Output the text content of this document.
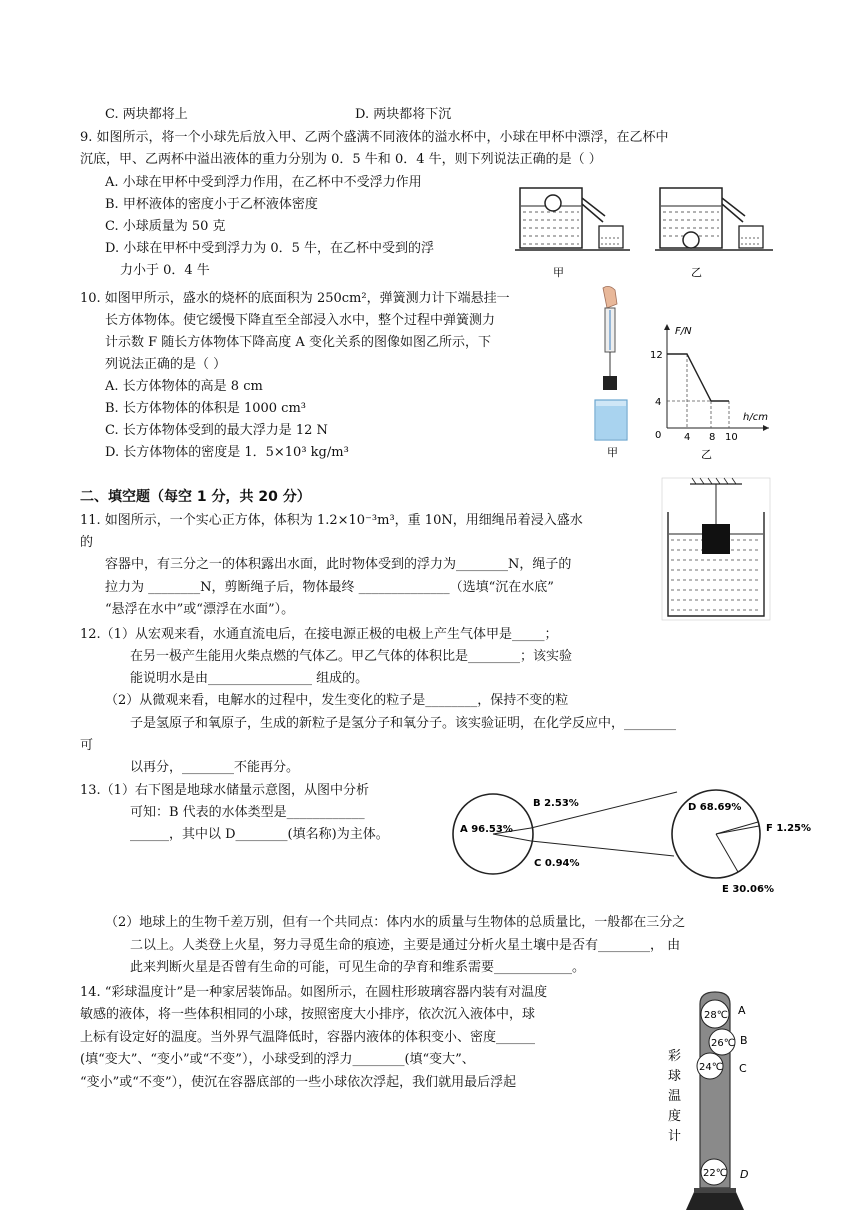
C. 两块都将上	D. 两块都将下沉
9. 如图所示，将一个小球先后放入甲、乙两个盛满不同液体的溢水杯中，小球在甲杯中漂浮，在乙杯中
沉底，甲、乙两杯中溢出液体的重力分别为 0．5 牛和 0．4 牛，则下列说法正确的是（ ）
A. 小球在甲杯中受到浮力作用，在乙杯中不受浮力作用
B. 甲杯液体的密度小于乙杯液体密度
C. 小球质量为 50 克
D. 小球在甲杯中受到浮力为 0．5 牛，在乙杯中受到的浮
力小于 0．4 牛	甲	乙
10. 如图甲所示，盛水的烧杯的底面积为 250cm²，弹簧测力计下端悬挂一
长方体物体。使它缓慢下降直至全部浸入水中，整个过程中弹簧测力
计示数 F 随长方体物体下降高度 A 变化关系的图像如图乙所示，下
列说法正确的是（ ）
A. 长方体物体的高是 8 cm
B. 长方体物体的体积是 1000 cm³
C. 长方体物体受到的最大浮力是 12 N
D. 长方体物体的密度是 1．5×10³ kg/m³	甲
F/N
h/cm
0
12
4
4 8 10
乙
二、填空题（每空 1 分，共 20 分）
11. 如图所示，一个实心正方体，体积为 1.2×10⁻³m³，重 10N，用细绳吊着浸入盛水
的
容器中，有三分之一的体积露出水面，此时物体受到的浮力为________N，绳子的
拉力为 ________N，剪断绳子后，物体最终 ______________（选填“沉在水底”
“悬浮在水中”或“漂浮在水面”）。
12.（1）从宏观来看，水通直流电后，在接电源正极的电极上产生气体甲是_____；
在另一极产生能用火柴点燃的气体乙。甲乙气体的体积比是________；该实验
能说明水是由________________ 组成的。
（2）从微观来看，电解水的过程中，发生变化的粒子是________，保持不变的粒
子是氢原子和氧原子，生成的新粒子是氢分子和氧分子。该实验证明，在化学反应中，________
可
以再分，________不能再分。
13.（1）右下图是地球水储量示意图，从图中分析
可知：B 代表的水体类型是____________
______，其中以 D________(填名称)为主体。	A 96.53%
B 2.53%
C 0.94%
D 68.69%
E 30.06%
F 1.25%
（2）地球上的生物千差万别，但有一个共同点：体内水的质量与生物体的总质量比，一般都在三分之
二以上。人类登上火星，努力寻觅生命的痕迹，主要是通过分析火星土壤中是否有________， 由
此来判断火星是否曾有生命的可能，可见生命的孕育和维系需要____________。
14. “彩球温度计”是一种家居装饰品。如图所示，在圆柱形玻璃容器内装有对温度
敏感的液体，将一些体积相同的小球，按照密度大小排序，依次沉入液体中，球
上标有设定好的温度。当外界气温降低时，容器内液体的体积变小、密度______
(填“变大”、“变小”或“不变”），小球受到的浮力________(填“变大”、
“变小”或“不变”），使沉在容器底部的一些小球依次浮起，我们就用最后浮起
28℃
26℃
24℃
22℃
A
B
C
D
彩
球
温
度
计
